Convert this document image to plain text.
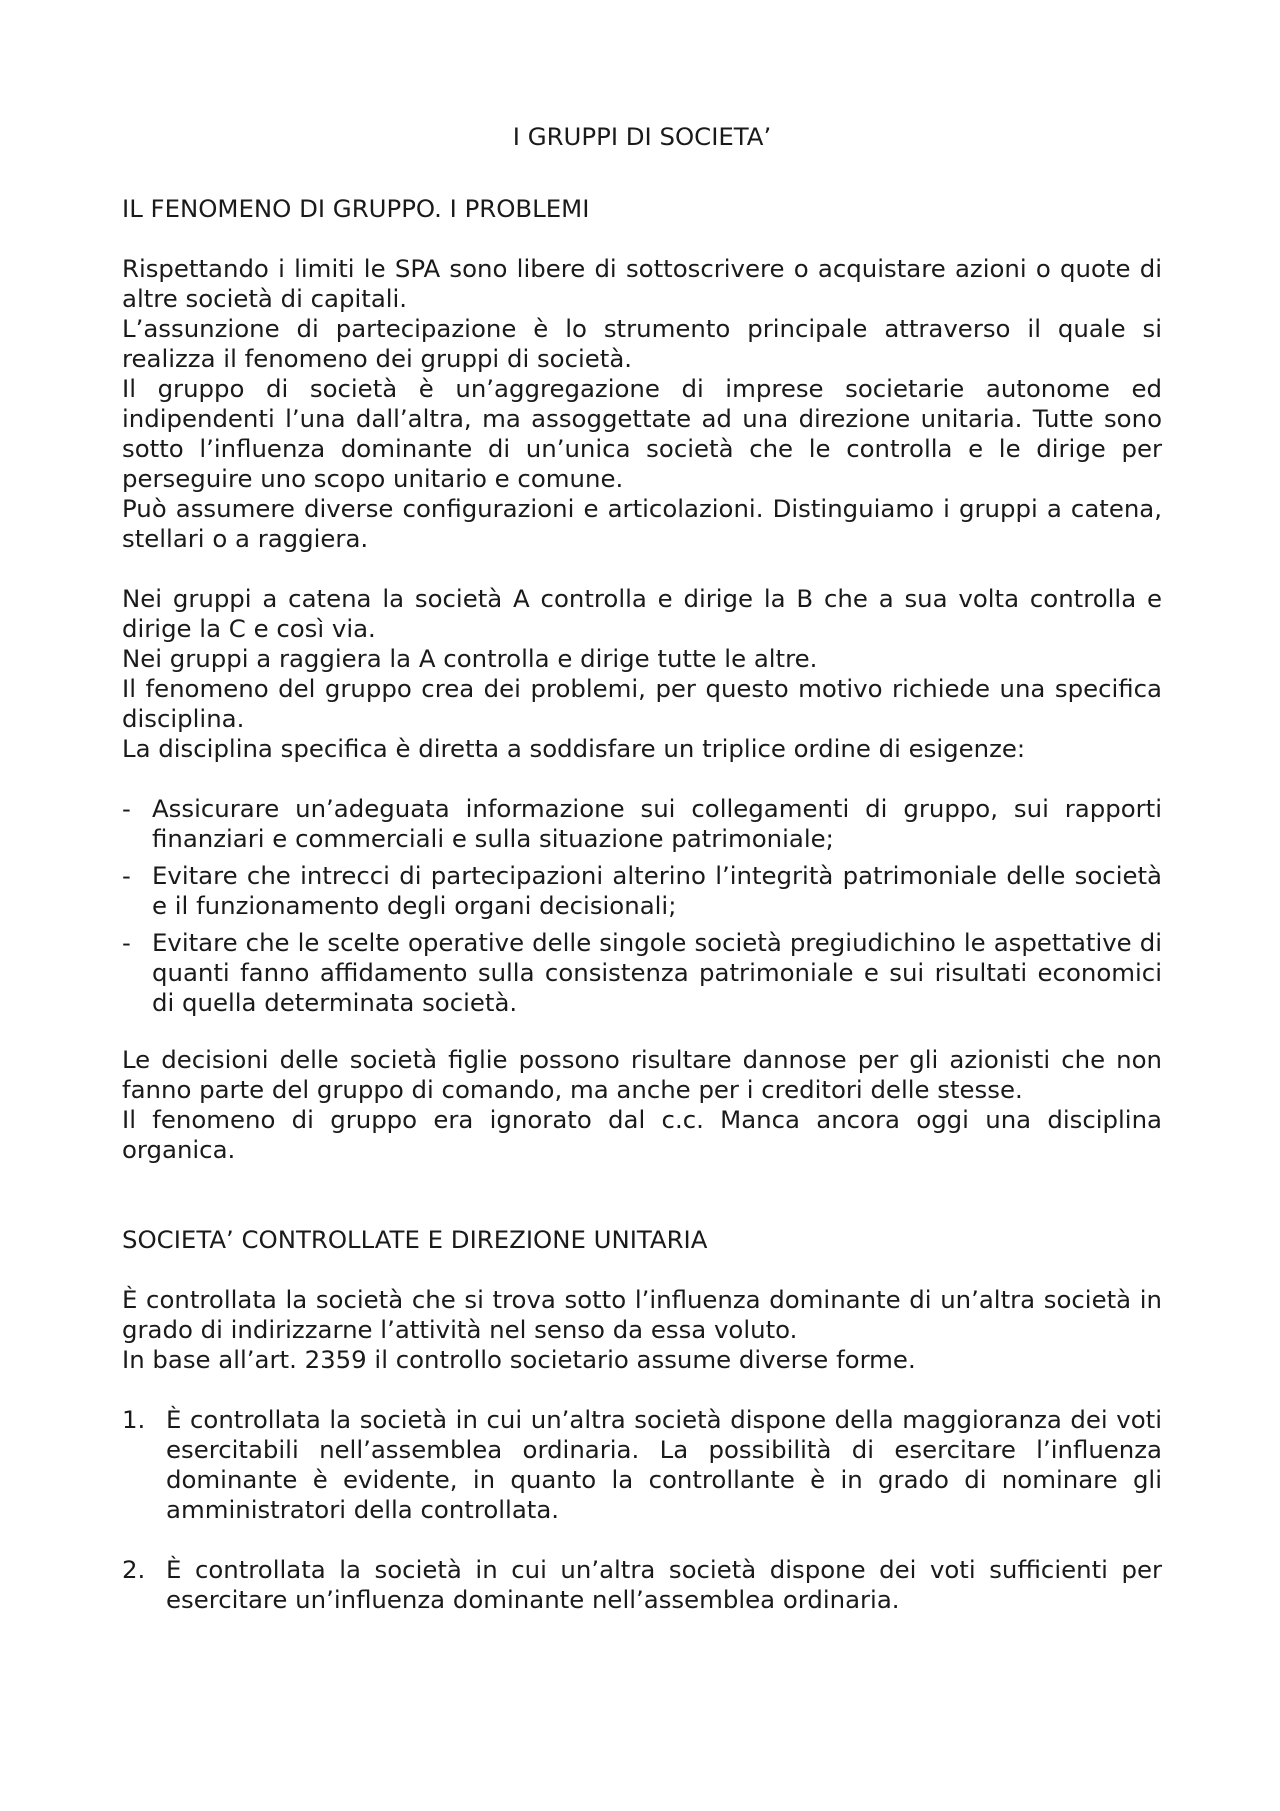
I GRUPPI DI SOCIETA’
IL FENOMENO DI GRUPPO. I PROBLEMI

Rispettando i limiti le SPA sono libere di sottoscrivere o acquistare azioni o quote di altre società di capitali.

L’assunzione di partecipazione è lo strumento principale attraverso il quale si realizza il fenomeno dei gruppi di società.

Il gruppo di società è un’aggregazione di imprese societarie autonome ed indipendenti l’una dall’altra, ma assoggettate ad una direzione unitaria. Tutte sono sotto l’influenza dominante di un’unica società che le controlla e le dirige per perseguire uno scopo unitario e comune.

Può assumere diverse configurazioni e articolazioni. Distinguiamo i gruppi a catena, stellari o a raggiera.

Nei gruppi a catena la società A controlla e dirige la B che a sua volta controlla e dirige la C e così via.

Nei gruppi a raggiera la A controlla e dirige tutte le altre.

Il fenomeno del gruppo crea dei problemi, per questo motivo richiede una specifica disciplina.

La disciplina specifica è diretta a soddisfare un triplice ordine di esigenze:

- Assicurare un’adeguata informazione sui collegamenti di gruppo, sui rapporti finanziari e commerciali e sulla situazione patrimoniale;
- Evitare che intrecci di partecipazioni alterino l’integrità patrimoniale delle società e il funzionamento degli organi decisionali;
- Evitare che le scelte operative delle singole società pregiudichino le aspettative di quanti fanno affidamento sulla consistenza patrimoniale e sui risultati economici di quella determinata società.

Le decisioni delle società figlie possono risultare dannose per gli azionisti che non fanno parte del gruppo di comando, ma anche per i creditori delle stesse.

Il fenomeno di gruppo era ignorato dal c.c. Manca ancora oggi una disciplina organica.

SOCIETA’ CONTROLLATE E DIREZIONE UNITARIA

È controllata la società che si trova sotto l’influenza dominante di un’altra società in grado di indirizzarne l’attività nel senso da essa voluto.

In base all’art. 2359 il controllo societario assume diverse forme.

1. È controllata la società in cui un’altra società dispone della maggioranza dei voti esercitabili nell’assemblea ordinaria. La possibilità di esercitare l’influenza dominante è evidente, in quanto la controllante è in grado di nominare gli amministratori della controllata.
2. È controllata la società in cui un’altra società dispone dei voti sufficienti per esercitare un’influenza dominante nell’assemblea ordinaria.
